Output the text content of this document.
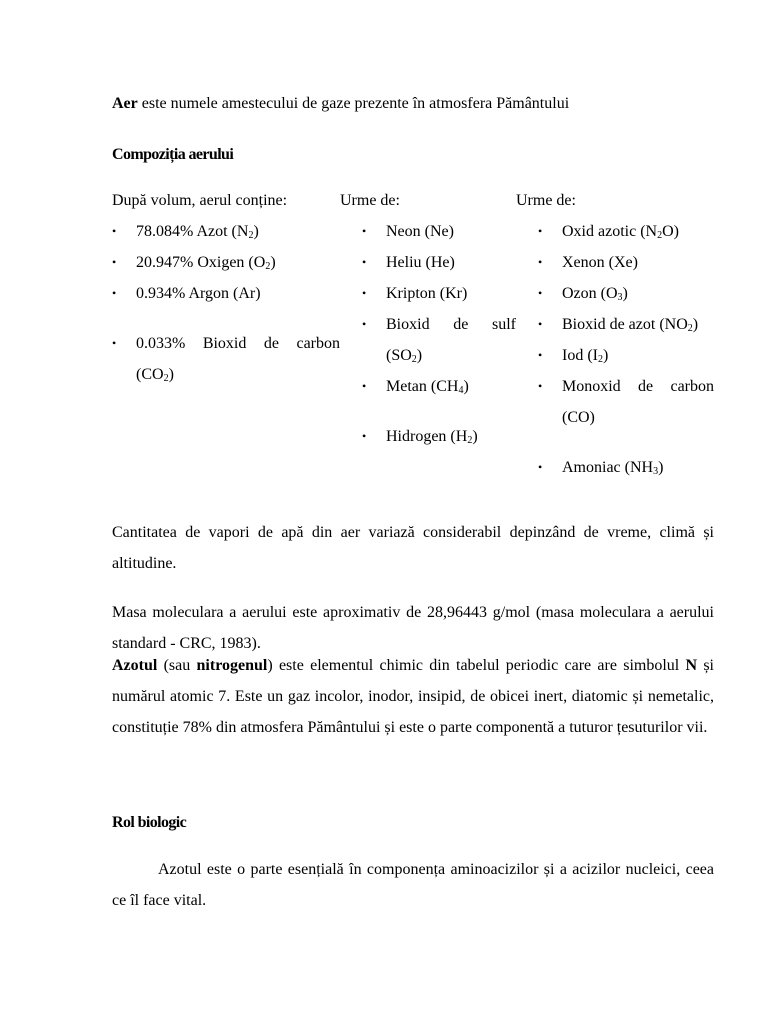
Aer este numele amestecului de gaze prezente în atmosfera Pământului
Compoziția aerului
După volum, aerul conține:
• 78.084% Azot $(N_2)$
• 20.947% Oxigen $(O_2)$
• 0.934% Argon (Ar)
• 0.033% Bioxid de carbon $(CO_2)$
Urme de:
• Neon (Ne)
• Heliu (He)
• Kripton (Kr)
• Bioxid de sulf $(SO_2)$
• Metan $(CH_4)$
• Hidrogen $(H_2)$
Urme de:
• Oxid azotic $(N_2O)$
• Xenon (Xe)
• Ozon $(O_3)$
• Bioxid de azot $(NO_2)$
• Iod $(I_2)$
• Monoxid de carbon (CO)
• Amoniac $(NH_3)$
Cantitatea de vapori de apă din aer variază considerabil depinzând de vreme, climă și altitudine.
Masa moleculara a aerului este aproximativ de 28,96443 g/mol (masa moleculara a aerului standard - CRC, 1983).
Azotul (sau nitrogenul) este elementul chimic din tabelul periodic care are simbolul N și numărul atomic 7. Este un gaz incolor, inodor, insipid, de obicei inert, diatomic și nemetalic, constituție 78% din atmosfera Pământului și este o parte componentă a tuturor țesuturilor vii.
Rol biologic
Azotul este o parte esențială în componența aminoacizilor și a acizilor nucleici, ceea ce îl face vital.
